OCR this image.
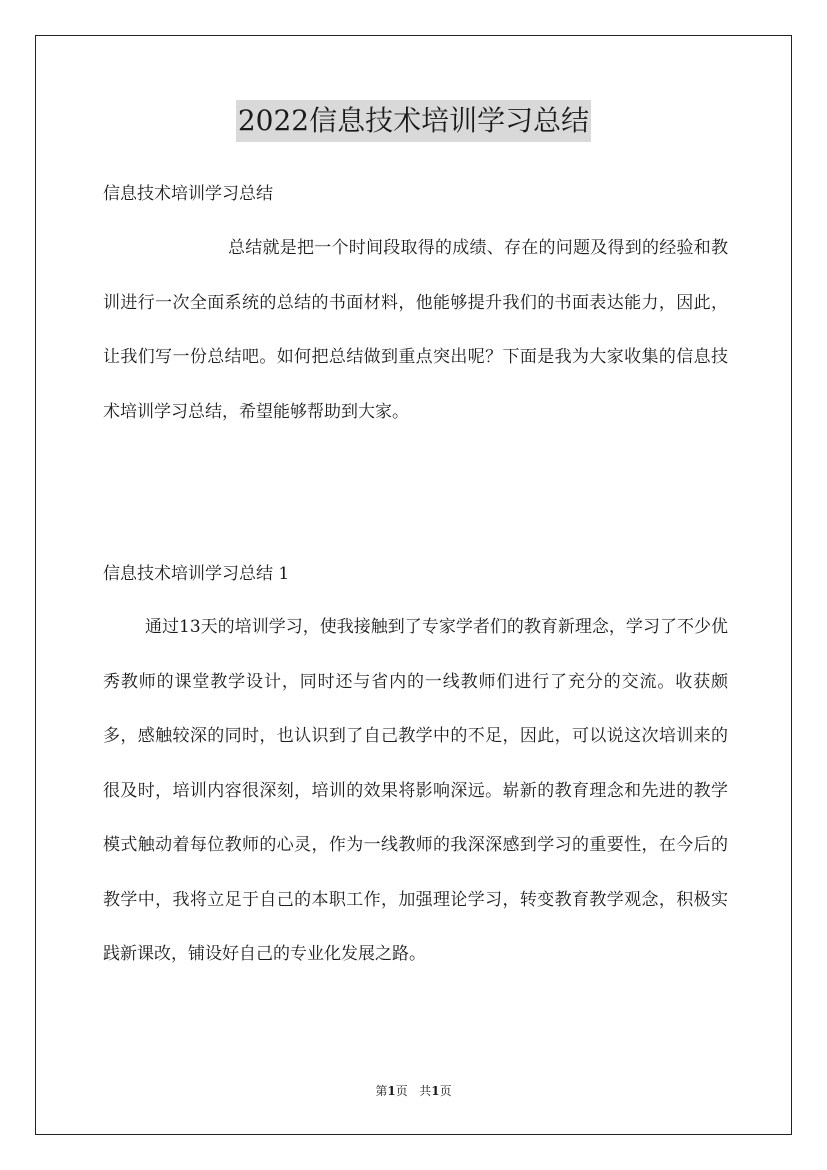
2022信息技术培训学习总结
信息技术培训学习总结

总结就是把一个时间段取得的成绩、存在的问题及得到的经验和教训进行一次全面系统的总结的书面材料，他能够提升我们的书面表达能力，因此，让我们写一份总结吧。如何把总结做到重点突出呢？下面是我为大家收集的信息技术培训学习总结，希望能够帮助到大家。

信息技术培训学习总结 1

通过13天的培训学习，使我接触到了专家学者们的教育新理念，学习了不少优秀教师的课堂教学设计，同时还与省内的一线教师们进行了充分的交流。收获颇多，感触较深的同时，也认识到了自己教学中的不足，因此，可以说这次培训来的很及时，培训内容很深刻，培训的效果将影响深远。崭新的教育理念和先进的教学模式触动着每位教师的心灵，作为一线教师的我深深感到学习的重要性，在今后的教学中，我将立足于自己的本职工作，加强理论学习，转变教育教学观念，积极实践新课改，铺设好自己的专业化发展之路。

第1页 共1页
